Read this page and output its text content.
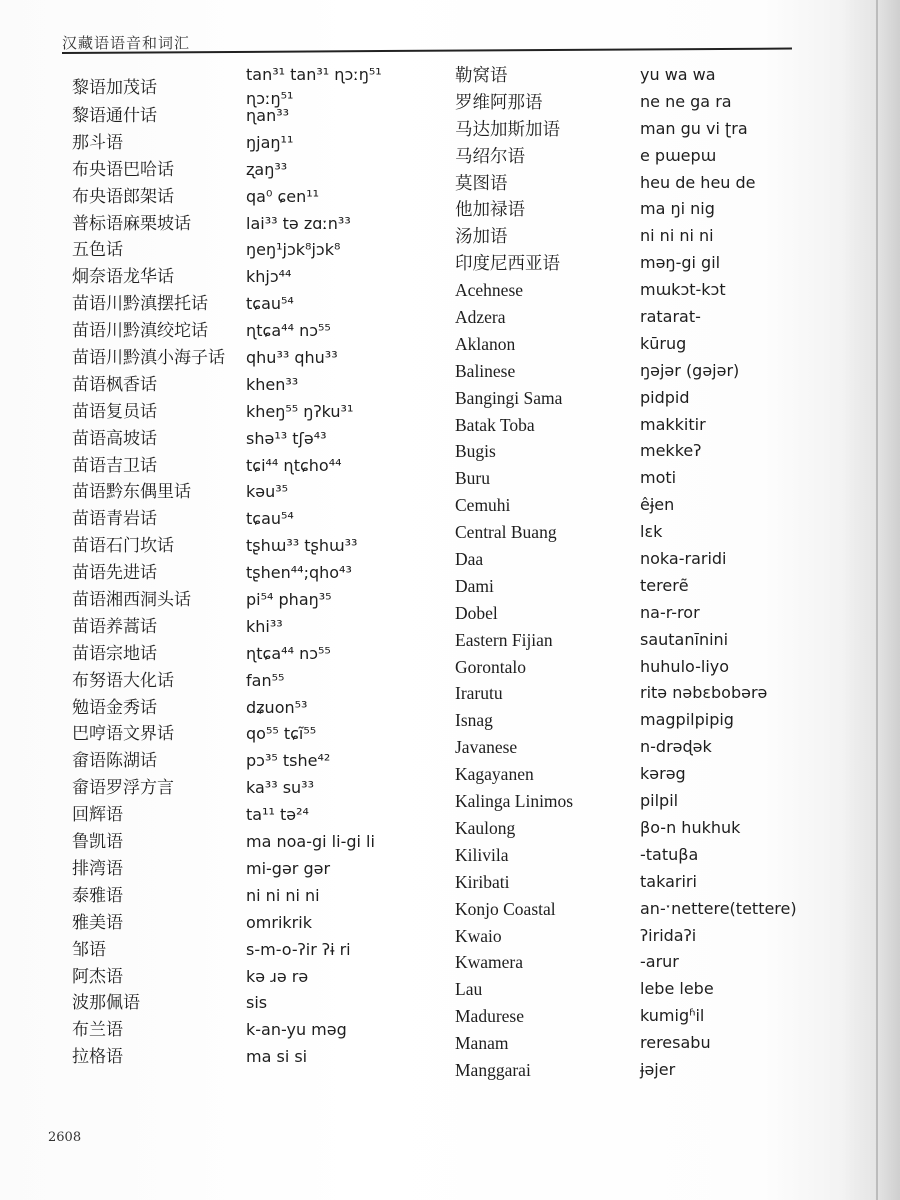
汉藏语语音和词汇
黎语加茂话
黎语通什话
那斗语
布央语巴哈话
布央语郎架话
普标语麻栗坡话
五色话
炯奈语龙华话
苗语川黔滇摆托话
苗语川黔滇绞坨话
苗语川黔滇小海子话
苗语枫香话
苗语复员话
苗语高坡话
苗语吉卫话
苗语黔东偶里话
苗语青岩话
苗语石门坎话
苗语先进话
苗语湘西洞头话
苗语养蒿话
苗语宗地话
布努语大化话
勉语金秀话
巴哼语文界话
畲语陈湖话
畲语罗浮方言
回辉语
鲁凯语
排湾语
泰雅语
雅美语
邹语
阿杰语
波那佩语
布兰语
拉格语
tan³¹ tan³¹ ɳɔːŋ⁵¹
ɳɔːŋ⁵¹
ɳan³³
ŋjaŋ¹¹
ʐaŋ³³
qa⁰ ɕen¹¹
lai³³ tə zɑːn³³
ŋeŋ¹jɔk⁸jɔk⁸
khjɔ⁴⁴
tɕau⁵⁴
ɳtɕa⁴⁴ nɔ⁵⁵
qhu³³ qhu³³
khen³³
kheŋ⁵⁵ ŋʔku³¹
shə¹³ tʃə⁴³
tɕi⁴⁴ ɳtɕho⁴⁴
kəu³⁵
tɕau⁵⁴
tʂhɯ³³ tʂhɯ³³
tʂhen⁴⁴;qho⁴³
pi⁵⁴ phaŋ³⁵
khi³³
ɳtɕa⁴⁴ nɔ⁵⁵
fan⁵⁵
dʑuon⁵³
qo⁵⁵ tɕĩ⁵⁵
pɔ³⁵ tshe⁴²
ka³³ su³³
ta¹¹ tə²⁴
ma noa-gi li-gi li
mi-gər gər
ni ni ni ni
omrikrik
s-m-o-ʔir ʔɨ ri
kə ɹə rə
sis
k-an-yu məg
ma si si
勒窝语
罗维阿那语
马达加斯加语
马绍尔语
莫图语
他加禄语
汤加语
印度尼西亚语
Acehnese
Adzera
Aklanon
Balinese
Bangingi Sama
Batak Toba
Bugis
Buru
Cemuhi
Central Buang
Daa
Dami
Dobel
Eastern Fijian
Gorontalo
Irarutu
Isnag
Javanese
Kagayanen
Kalinga Linimos
Kaulong
Kilivila
Kiribati
Konjo Coastal
Kwaio
Kwamera
Lau
Madurese
Manam
Manggarai
yu wa wa
ne ne ga ra
man gu vi ʈra
e pɯepɯ
heu de heu de
ma ŋi nig
ni ni ni ni
məŋ-gi gil
mɯkɔt-kɔt
ratarat-
kūrug
ŋəjər (gəjər)
pidpid
makkitir
mekkeʔ
moti
êɉen
lɛk
noka-raridi
tererẽ
na-r-ror
sautanīnini
huhulo-liyo
ritə nəbɛbobərə
magpilpipig
n-drəɖək
kərəg
pilpil
βo-n hukhuk
-tatuβa
takariri
an-ˑnettere(tettere)
ʔiridaʔi
-arur
lebe lebe
kumigʱil
reresabu
ɉəjer
2608
